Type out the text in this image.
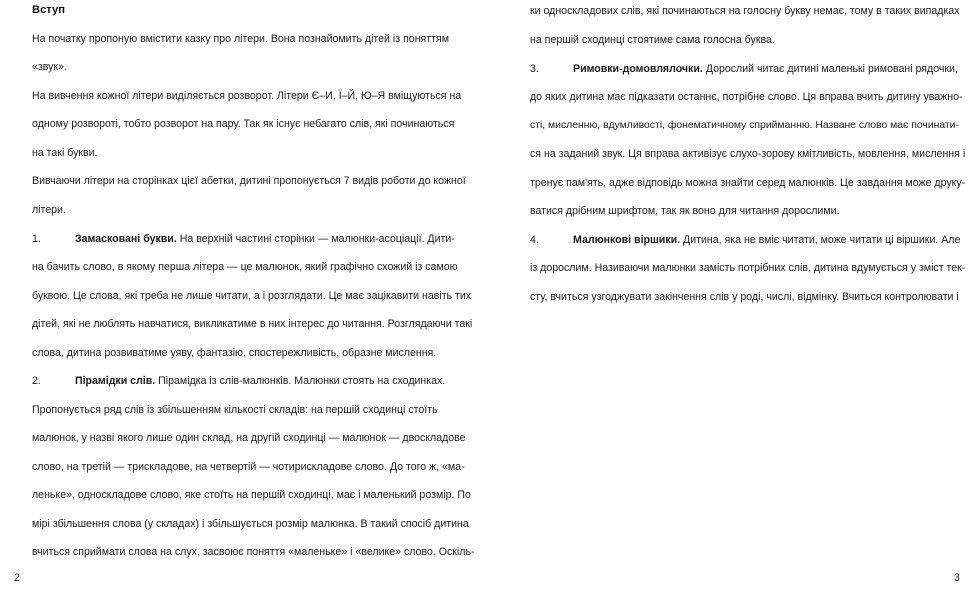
Вступ
На початку пропоную вмістити казку про літери. Вона познайомить дітей із поняттям
«звук».
На вивчення кожної літери виділяється розворот. Літери Є–И, Ї–Й, Ю–Я вміщуються на
одному розвороті, тобто розворот на пару. Так як існує небагато слів, які починаються
на такі букви.
Вивчаючи літери на сторінках цієї абетки, дитині пропонується 7 видів роботи до кожної
літери.
1.	Замасковані букви. На верхній частині сторінки — малюнки-асоціації. Дити-
на бачить слово, в якому перша літера — це малюнок, який графічно схожий із самою
буквою. Це слова, які треба не лише читати, а і розглядати. Це має зацікавити навіть тих
дітей, які не люблять навчатися, викликатиме в них інтерес до читання. Розглядаючи такі
слова, дитина розвиватиме уяву, фантазію, спостережливість, образне мислення.
2.	Пірамідки слів. Пірамідка із слів-малюнків. Малюнки стоять на сходинках.
Пропонується ряд слів із збільшенням кількості складів: на першій сходинці стоїть
малюнок, у назві якого лише один склад, на другій сходинці — малюнок — двоскладове
слово, на третій — трискладове, на четвертій — чотирискладове слово. До того ж, «ма-
леньке», односкладове слово, яке стоїть на першій сходинці, має і маленький розмір. По
мірі збільшення слова (у складах) і збільшується розмір малюнка. В такий спосіб дитина
вчиться сприймати слова на слух, засвоює поняття «маленьке» і «велике» слово. Оскіль-
2
ки односкладових слів, які починаються на голосну букву немає, тому в таких випадках
на першій сходинці стоятиме сама голосна буква.
3.	Римовки-домовлялочки. Дорослий читає дитині маленькі римовані рядочки,
до яких дитина має підказати останнє, потрібне слово. Ця вправа вчить дитину уважно-
сті, мисленню, вдумливості, фонематичному сприйманню. Назване слово має починати-
ся на заданий звук. Ця вправа активізує слухо-зорову кмітливість, мовлення, мислення і
тренує пам'ять, адже відповідь можна знайти серед малюнків. Це завдання може друку-
ватися дрібним шрифтом, так як воно для читання дорослими.
4.	Малюнкові віршики. Дитина, яка не вміє читати, може читати ці віршики. Але
із дорослим. Називаючи малюнки замість потрібних слів, дитина вдумується у зміст тек-
сту, вчиться узгоджувати закінчення слів у роді, числі, відмінку. Вчиться контролювати і
3
